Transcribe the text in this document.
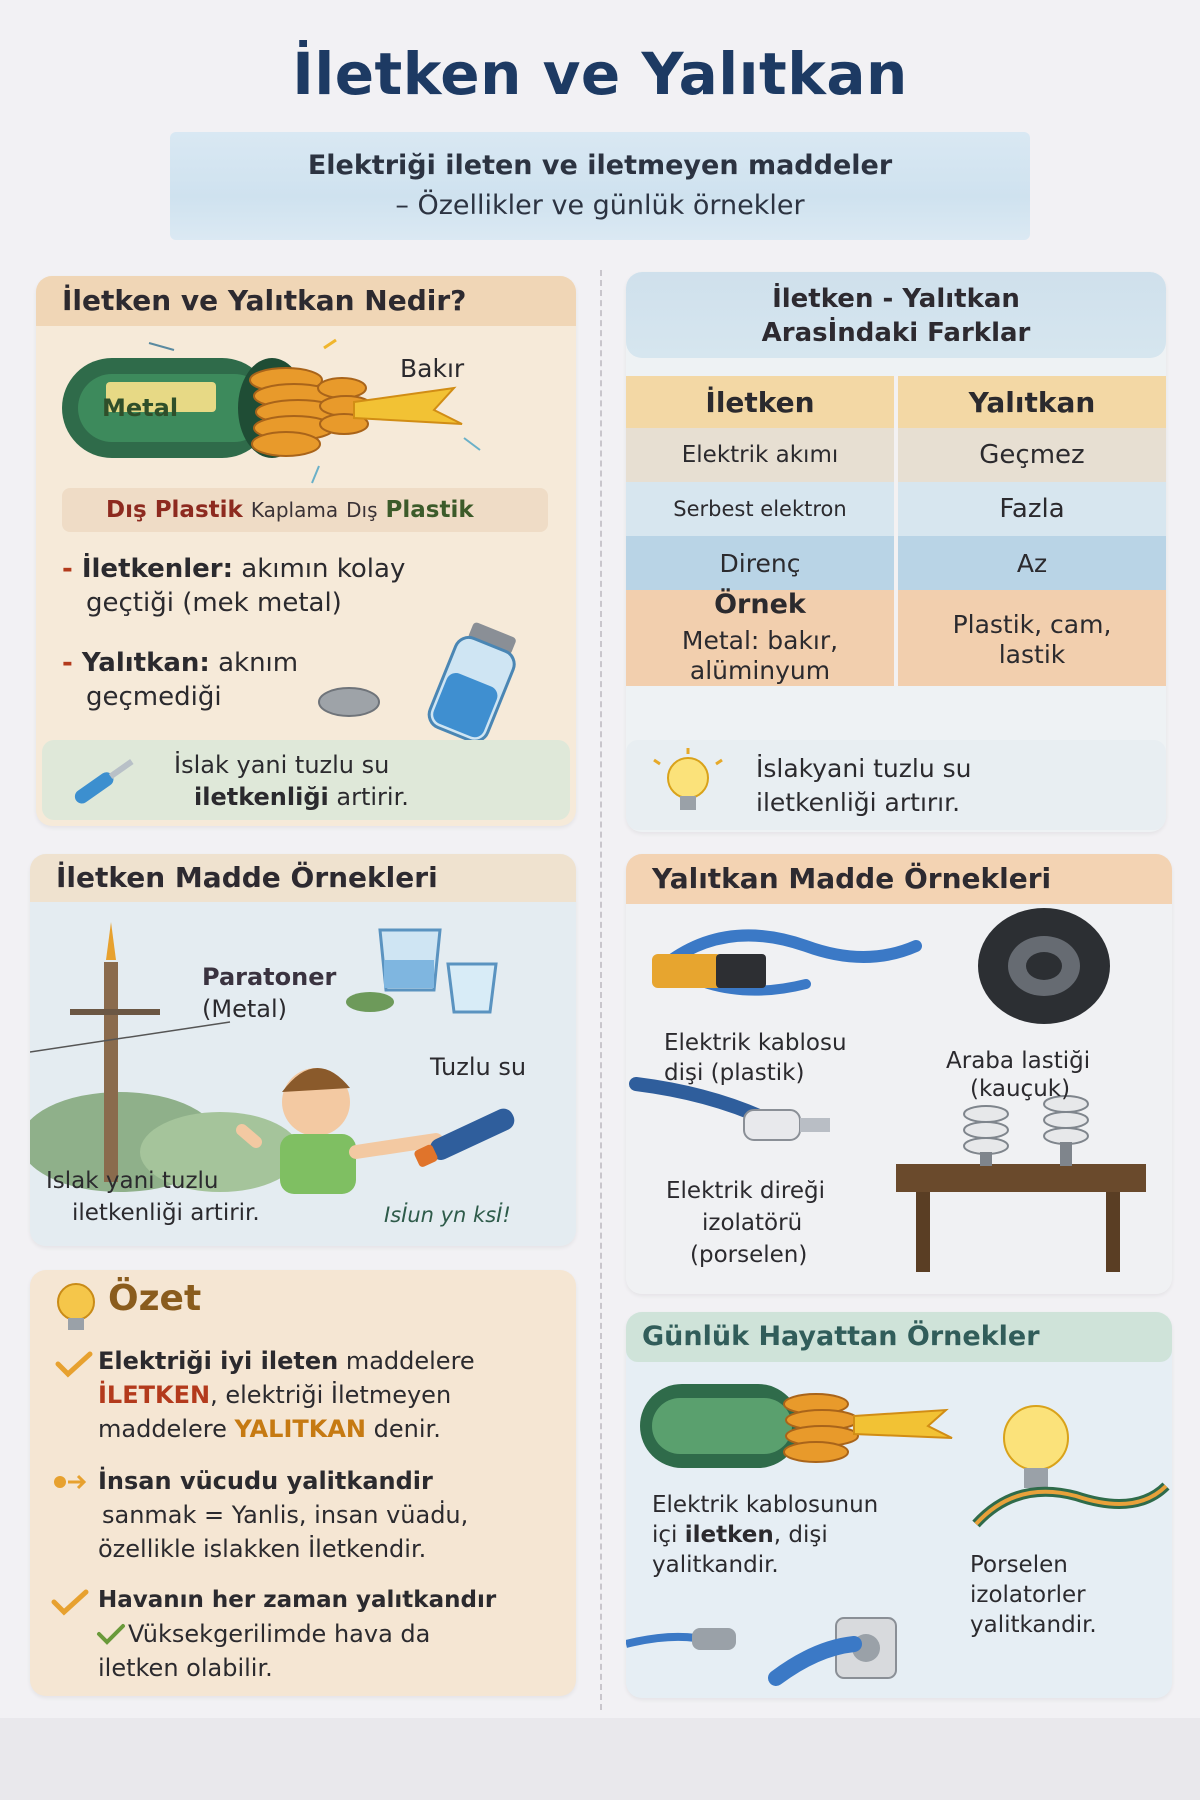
İletken ve Yalıtkan
Elektriği ileten ve iletmeyen maddeler
– Özellikler ve günlük örnekler
İletken ve Yalıtkan Nedir?
Metal
Bakır
Dış Plastik Kaplama Dış Plastik
- İletkenler: akımın kolay
geçtiği (mek metal)
- Yalıtkan: aknım
geçmediği
İslak yani tuzlu su
iletkenliği artirir.
İletken - Yalıtkan
Arasİndaki Farklar
İletken	Yalıtkan
Elektrik akımı	Geçmez
Serbest elektron	Fazla
Direnç	Az

Örnek
Metal: bakır, alüminyum	Plastik, cam, lastik
İslakyani tuzlu su
iletkenliği artırır.
İletken Madde Örnekleri
Paratoner
(Metal)
Tuzlu su
Islak yani tuzlu
iletkenliği artirir.	Isİun yn ksİ!
Yalıtkan Madde Örnekleri
Elektrik kablosu
dişi (plastik)	Araba lastiği
(kauçuk)
Elektrik direği
izolatörü
(porselen)
Özet
Elektriği iyi ileten maddelere
İLETKEN, elektriği İletmeyen
maddelere YALITKAN denir.
İnsan vücudu yalitkandir
sanmak = Yanlis, insan vüaḋu,
özellikle islakken İletkendir.
Havanın her zaman yalıtkandır
Vüksekgerilimde hava da
iletken olabilir.
Günlük Hayattan Örnekler
Elektrik kablosunun
içi iletken, dişi
yalitkandir.	Porselen
izolatorler
yalitkandir.
